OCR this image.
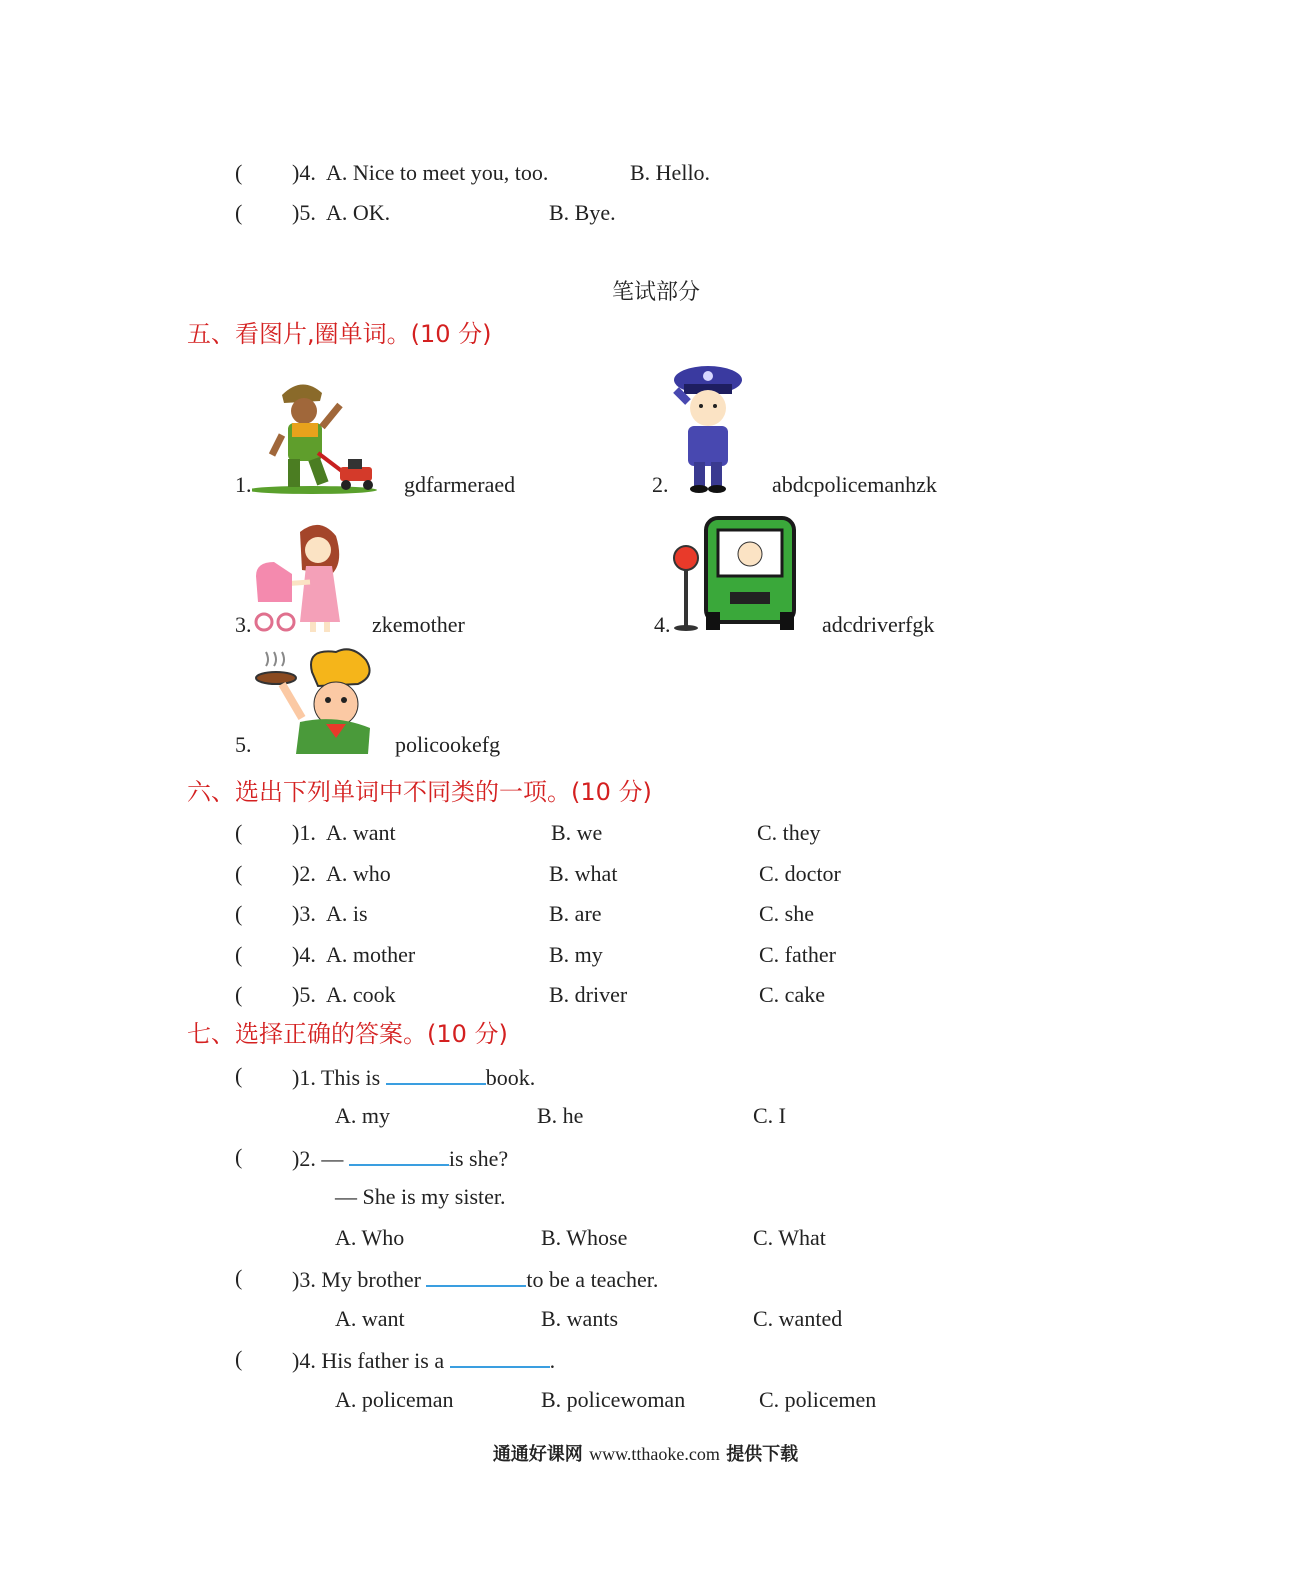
( )4. A. Nice to meet you, too.	B. Hello.
( )5. A. OK.	B. Bye.
笔试部分
五、看图片,圈单词。(10 分)
1.	gdfarmeraed	2.	abdcpolicemanhzk
3.	zkemother	4.	adcdriverfgk
5.	policookefg
六、选出下列单词中不同类的一项。(10 分)
( )1. A. want	B. we	C. they
( )2. A. who	B. what	C. doctor
( )3. A. is	B. are	C. she
( )4. A. mother	B. my	C. father
( )5. A. cook	B. driver	C. cake
七、选择正确的答案。(10 分)
( )1. This is	book.
A. my	B. he	C. I
( )2. —	is she?
— She is my sister.
A. Who	B. Whose	C. What
( )3. My brother	to be a teacher.
A. want	B. wants	C. wanted
( )4. His father is a	.
A. policeman	B. policewoman	C. policemen
通通好课网 www.tthaoke.com 提供下载
